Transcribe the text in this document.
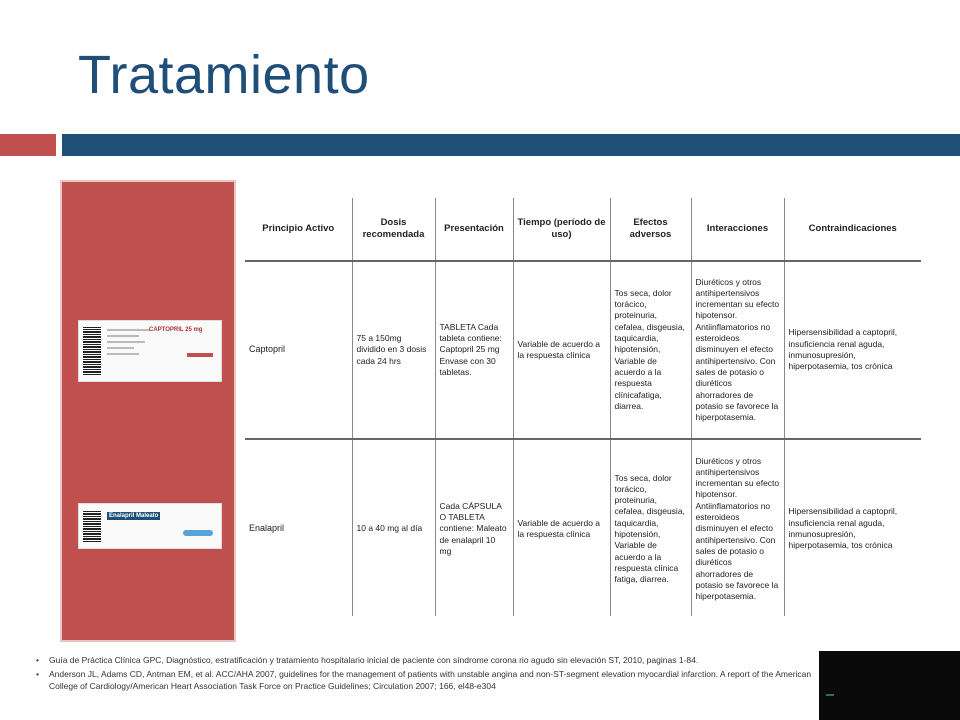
Tratamiento
CAPTOPRIL 25 mg
Enalapril Maleato
Principio Activo	Dosis recomendada	Presentación	Tiempo (período de uso)	Efectos adversos	Interacciones	Contraindicaciones
Captopril	75 a 150mg dividido en 3 dosis cada 24 hrs	TABLETA Cada tableta contiene: Captopril 25 mg Envase con 30 tabletas.	Variable de acuerdo a la respuesta clínica	Tos seca, dolor torácico, proteinuria, cefalea, disgeusia, taquicardia, hipotensión, Variable de acuerdo a la respuesta clínicafatiga, diarrea.	Diuréticos y otros antihipertensivos incrementan su efecto hipotensor. Antiinflamatorios no esteroideos disminuyen el efecto antihipertensivo. Con sales de potasio o diuréticos ahorradores de potasio se favorece la hiperpotasemia.	Hipersensibilidad a captopril, insuficiencia renal aguda, inmunosupresión, hiperpotasemia, tos crónica
Enalapril	10 a 40 mg al día	Cada CÁPSULA O TABLETA contiene: Maleato de enalapril 10 mg	Variable de acuerdo a la respuesta clínica	Tos seca, dolor torácico, proteinuria, cefalea, disgeusia, taquicardia, hipotensión, Variable de acuerdo a la respuesta clínica fatiga, diarrea.	Diuréticos y otros antihipertensivos incrementan su efecto hipotensor. Antiinflamatorios no esteroideos disminuyen el efecto antihipertensivo. Con sales de potasio o diuréticos ahorradores de potasio se favorece la hiperpotasemia.	Hipersensibilidad a captopril, insuficiencia renal aguda, inmunosupresión, hiperpotasemia, tos crónica
• Guía de Práctica Clínica GPC, Diagnóstico, estratificación y tratamiento hospitalario inicial de paciente con síndrome corona rio agudo sin elevación ST, 2010, paginas 1-84.
• Anderson JL, Adams CD, Antman EM, et al. ACC/AHA 2007, guidelines for the management of patients with unstable angina and non-ST-segment elevation myocardial infarction. A report of the American College of Cardiology/American Heart Association Task Force on Practice Guidelines; Circulation 2007; 166, el48-e304
